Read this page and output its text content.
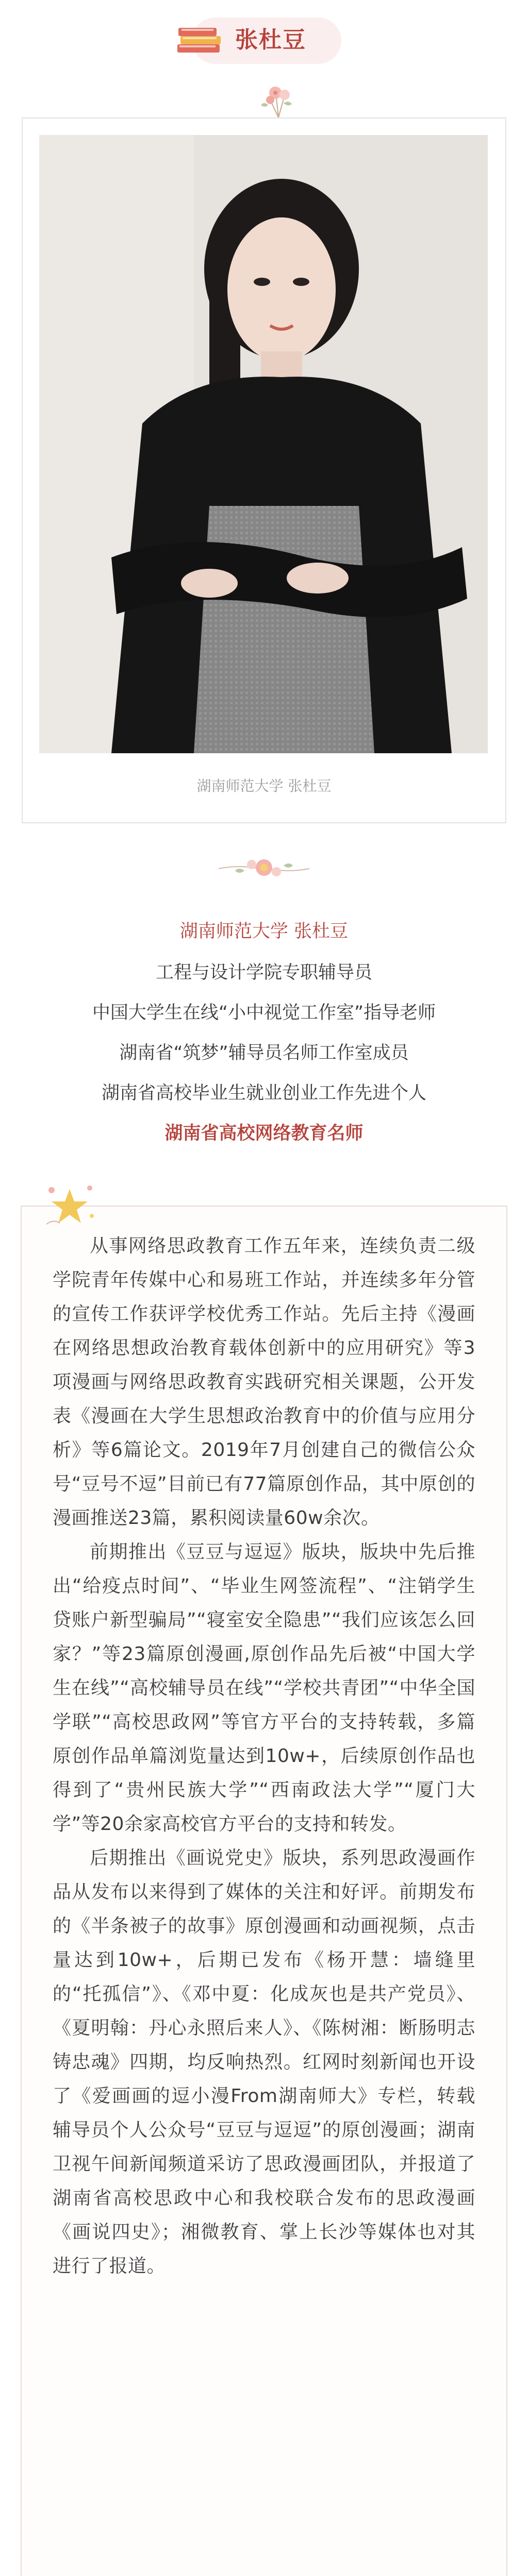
张杜豆
湖南师范大学 张杜豆
湖南师范大学 张杜豆
工程与设计学院专职辅导员
中国大学生在线“小中视觉工作室”指导老师
湖南省“筑梦”辅导员名师工作室成员
湖南省高校毕业生就业创业工作先进个人
湖南省高校网络教育名师

从事网络思政教育工作五年来，连续负责二级学院青年传媒中心和易班工作站，并连续多年分管的宣传工作获评学校优秀工作站。先后主持《漫画在网络思想政治教育载体创新中的应用研究》等3项漫画与网络思政教育实践研究相关课题，公开发表《漫画在大学生思想政治教育中的价值与应用分析》等6篇论文。2019年7月创建自己的微信公众号“豆号不逗”目前已有77篇原创作品，其中原创的漫画推送23篇，累积阅读量60w余次。

前期推出《豆豆与逗逗》版块，版块中先后推出“给疫点时间”、“毕业生网签流程”、“注销学生贷账户新型骗局”“寝室安全隐患”“我们应该怎么回家？”等23篇原创漫画,原创作品先后被“中国大学生在线”“高校辅导员在线”“学校共青团”“中华全国学联”“高校思政网”等官方平台的支持转载，多篇原创作品单篇浏览量达到10w+，后续原创作品也得到了“贵州民族大学”“西南政法大学”“厦门大学”等20余家高校官方平台的支持和转发。

后期推出《画说党史》版块，系列思政漫画作品从发布以来得到了媒体的关注和好评。前期发布的《半条被子的故事》原创漫画和动画视频，点击量达到10w+，后期已发布《杨开慧：墙缝里的“托孤信”》、《邓中夏：化成灰也是共产党员》、《夏明翰：丹心永照后来人》、《陈树湘：断肠明志铸忠魂》四期，均反响热烈。红网时刻新闻也开设了《爱画画的逗小漫From湖南师大》专栏，转载辅导员个人公众号“豆豆与逗逗”的原创漫画；湖南卫视午间新闻频道采访了思政漫画团队，并报道了湖南省高校思政中心和我校联合发布的思政漫画《画说四史》；湘微教育、掌上长沙等媒体也对其进行了报道。
